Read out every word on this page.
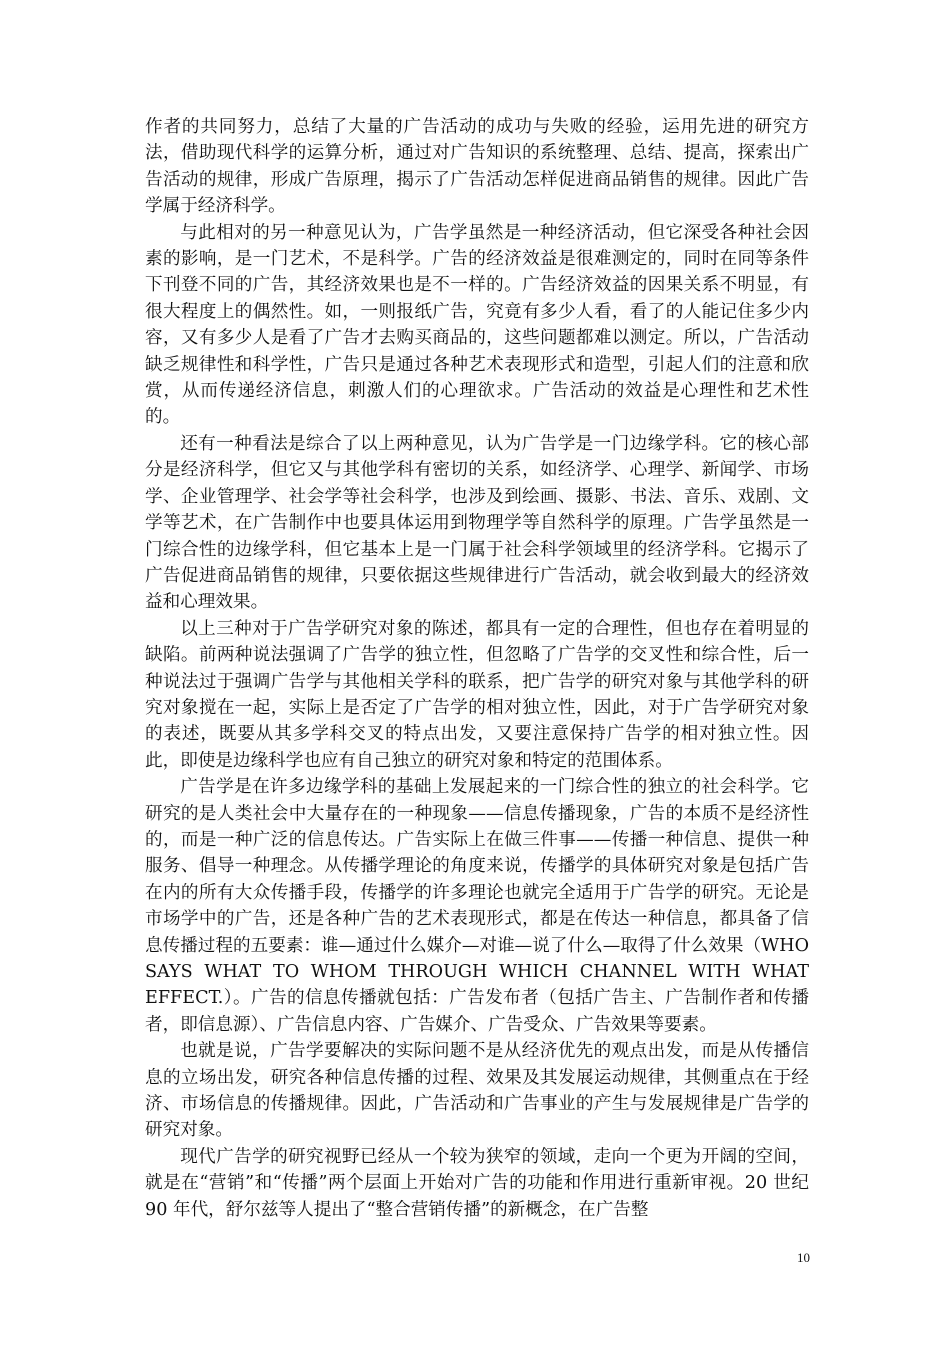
作者的共同努力，总结了大量的广告活动的成功与失败的经验，运用先进的研究方法，借助现代科学的运算分析，通过对广告知识的系统整理、总结、提高，探索出广告活动的规律，形成广告原理，揭示了广告活动怎样促进商品销售的规律。因此广告学属于经济科学。

与此相对的另一种意见认为，广告学虽然是一种经济活动，但它深受各种社会因素的影响，是一门艺术，不是科学。广告的经济效益是很难测定的，同时在同等条件下刊登不同的广告，其经济效果也是不一样的。广告经济效益的因果关系不明显，有很大程度上的偶然性。如，一则报纸广告，究竟有多少人看，看了的人能记住多少内容，又有多少人是看了广告才去购买商品的，这些问题都难以测定。所以，广告活动缺乏规律性和科学性，广告只是通过各种艺术表现形式和造型，引起人们的注意和欣赏，从而传递经济信息，刺激人们的心理欲求。广告活动的效益是心理性和艺术性的。

还有一种看法是综合了以上两种意见，认为广告学是一门边缘学科。它的核心部分是经济科学，但它又与其他学科有密切的关系，如经济学、心理学、新闻学、市场学、企业管理学、社会学等社会科学，也涉及到绘画、摄影、书法、音乐、戏剧、文学等艺术，在广告制作中也要具体运用到物理学等自然科学的原理。广告学虽然是一门综合性的边缘学科，但它基本上是一门属于社会科学领域里的经济学科。它揭示了广告促进商品销售的规律，只要依据这些规律进行广告活动，就会收到最大的经济效益和心理效果。

以上三种对于广告学研究对象的陈述，都具有一定的合理性，但也存在着明显的缺陷。前两种说法强调了广告学的独立性，但忽略了广告学的交叉性和综合性，后一种说法过于强调广告学与其他相关学科的联系，把广告学的研究对象与其他学科的研究对象搅在一起，实际上是否定了广告学的相对独立性，因此，对于广告学研究对象的表述，既要从其多学科交叉的特点出发，又要注意保持广告学的相对独立性。因此，即使是边缘科学也应有自己独立的研究对象和特定的范围体系。

广告学是在许多边缘学科的基础上发展起来的一门综合性的独立的社会科学。它研究的是人类社会中大量存在的一种现象——信息传播现象，广告的本质不是经济性的，而是一种广泛的信息传达。广告实际上在做三件事——传播一种信息、提供一种服务、倡导一种理念。从传播学理论的角度来说，传播学的具体研究对象是包括广告在内的所有大众传播手段，传播学的许多理论也就完全适用于广告学的研究。无论是市场学中的广告，还是各种广告的艺术表现形式，都是在传达一种信息，都具备了信息传播过程的五要素：谁—通过什么媒介—对谁—说了什么—取得了什么效果（WHO SAYS WHAT TO WHOM THROUGH WHICH CHANNEL WITH WHAT EFFECT.）。广告的信息传播就包括：广告发布者（包括广告主、广告制作者和传播者，即信息源）、广告信息内容、广告媒介、广告受众、广告效果等要素。

也就是说，广告学要解决的实际问题不是从经济优先的观点出发，而是从传播信息的立场出发，研究各种信息传播的过程、效果及其发展运动规律，其侧重点在于经济、市场信息的传播规律。因此，广告活动和广告事业的产生与发展规律是广告学的研究对象。

现代广告学的研究视野已经从一个较为狭窄的领域，走向一个更为开阔的空间，就是在“营销”和“传播”两个层面上开始对广告的功能和作用进行重新审视。20 世纪 90 年代，舒尔兹等人提出了“整合营销传播”的新概念，在广告整

10
